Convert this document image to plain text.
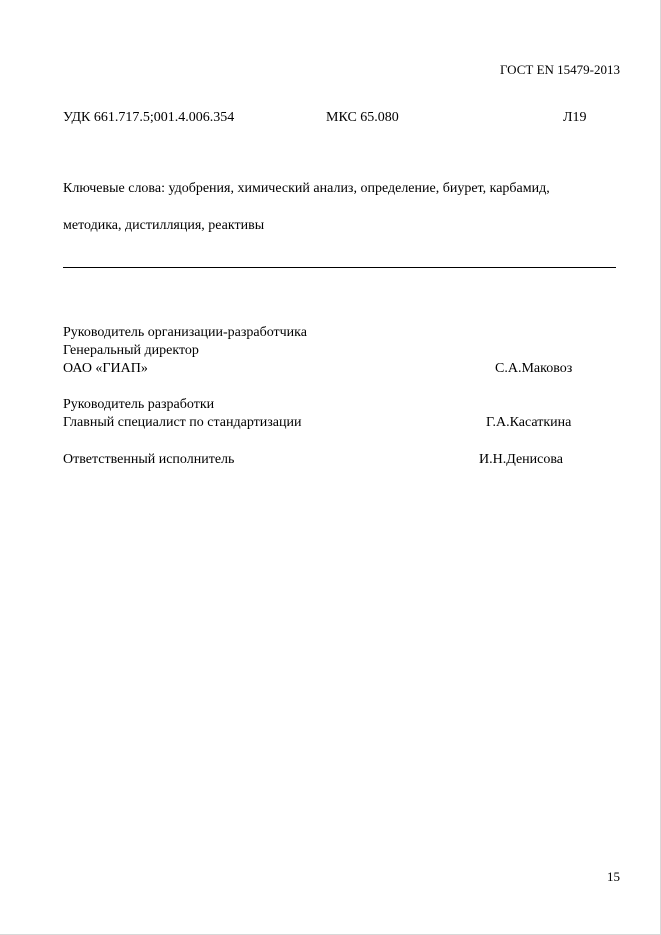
ГОСТ EN 15479-2013
УДК 661.717.5;001.4.006.354	МКС 65.080	Л19
Ключевые слова: удобрения, химический анализ, определение, биурет, карбамид,
методика, дистилляция, реактивы
Руководитель организации-разработчика
Генеральный директор
ОАО «ГИАП»	С.А.Маковоз
Руководитель разработки
Главный специалист по стандартизации	Г.А.Касаткина
Ответственный исполнитель	И.Н.Денисова
15
